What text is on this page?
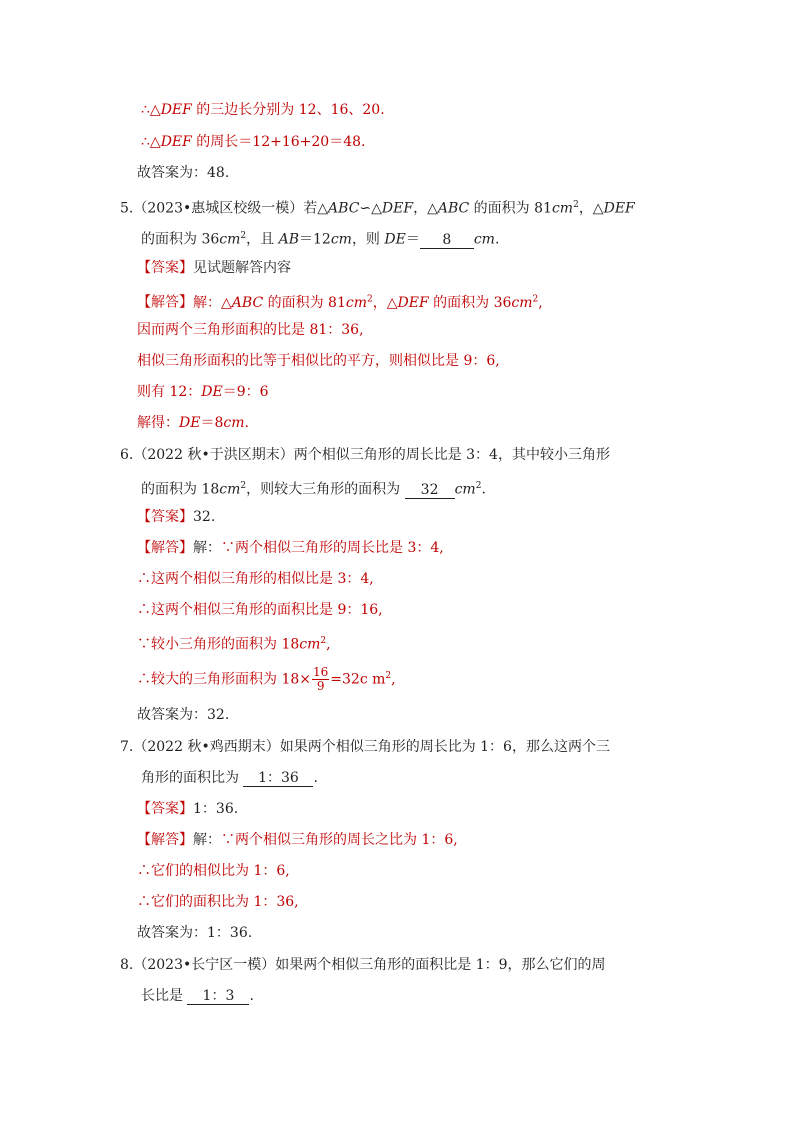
∴△DEF 的三边长分别为 12、16、20.
∴△DEF 的周长＝12+16+20＝48.
故答案为：48.
5.（2023•惠城区校级一模）若△ABC∽△DEF，△ABC 的面积为 $81cm^2$，△DEF
的面积为 $36cm^2$，且 AB＝12cm，则 DE＝ 8 cm.
【答案】见试题解答内容
【解答】解：△ABC 的面积为 $81cm^2$，△DEF 的面积为 $36cm^2$,
因而两个三角形面积的比是 81：36,
相似三角形面积的比等于相似比的平方，则相似比是 9：6,
则有 12：DE＝9：6
解得：DE＝8cm.
6.（2022 秋•于洪区期末）两个相似三角形的周长比是 3：4，其中较小三角形
的面积为 $18cm^2$，则较大三角形的面积为 32 $cm^2$.
【答案】32.
【解答】解：∵两个相似三角形的周长比是 3：4,
∴这两个相似三角形的相似比是 3：4,
∴这两个相似三角形的面积比是 9：16,
∵较小三角形的面积为 $18cm^2$,
∴较大的三角形面积为 $18\times \frac{16}{9} =32c$ $m^2$,
故答案为：32.
7.（2022 秋•鸡西期末）如果两个相似三角形的周长比为 1：6，那么这两个三
角形的面积比为 1：36 .
【答案】1：36.
【解答】解：∵两个相似三角形的周长之比为 1：6,
∴它们的相似比为 1：6,
∴它们的面积比为 1：36,
故答案为：1：36.
8.（2023•长宁区一模）如果两个相似三角形的面积比是 1：9，那么它们的周
长比是 1：3 .
